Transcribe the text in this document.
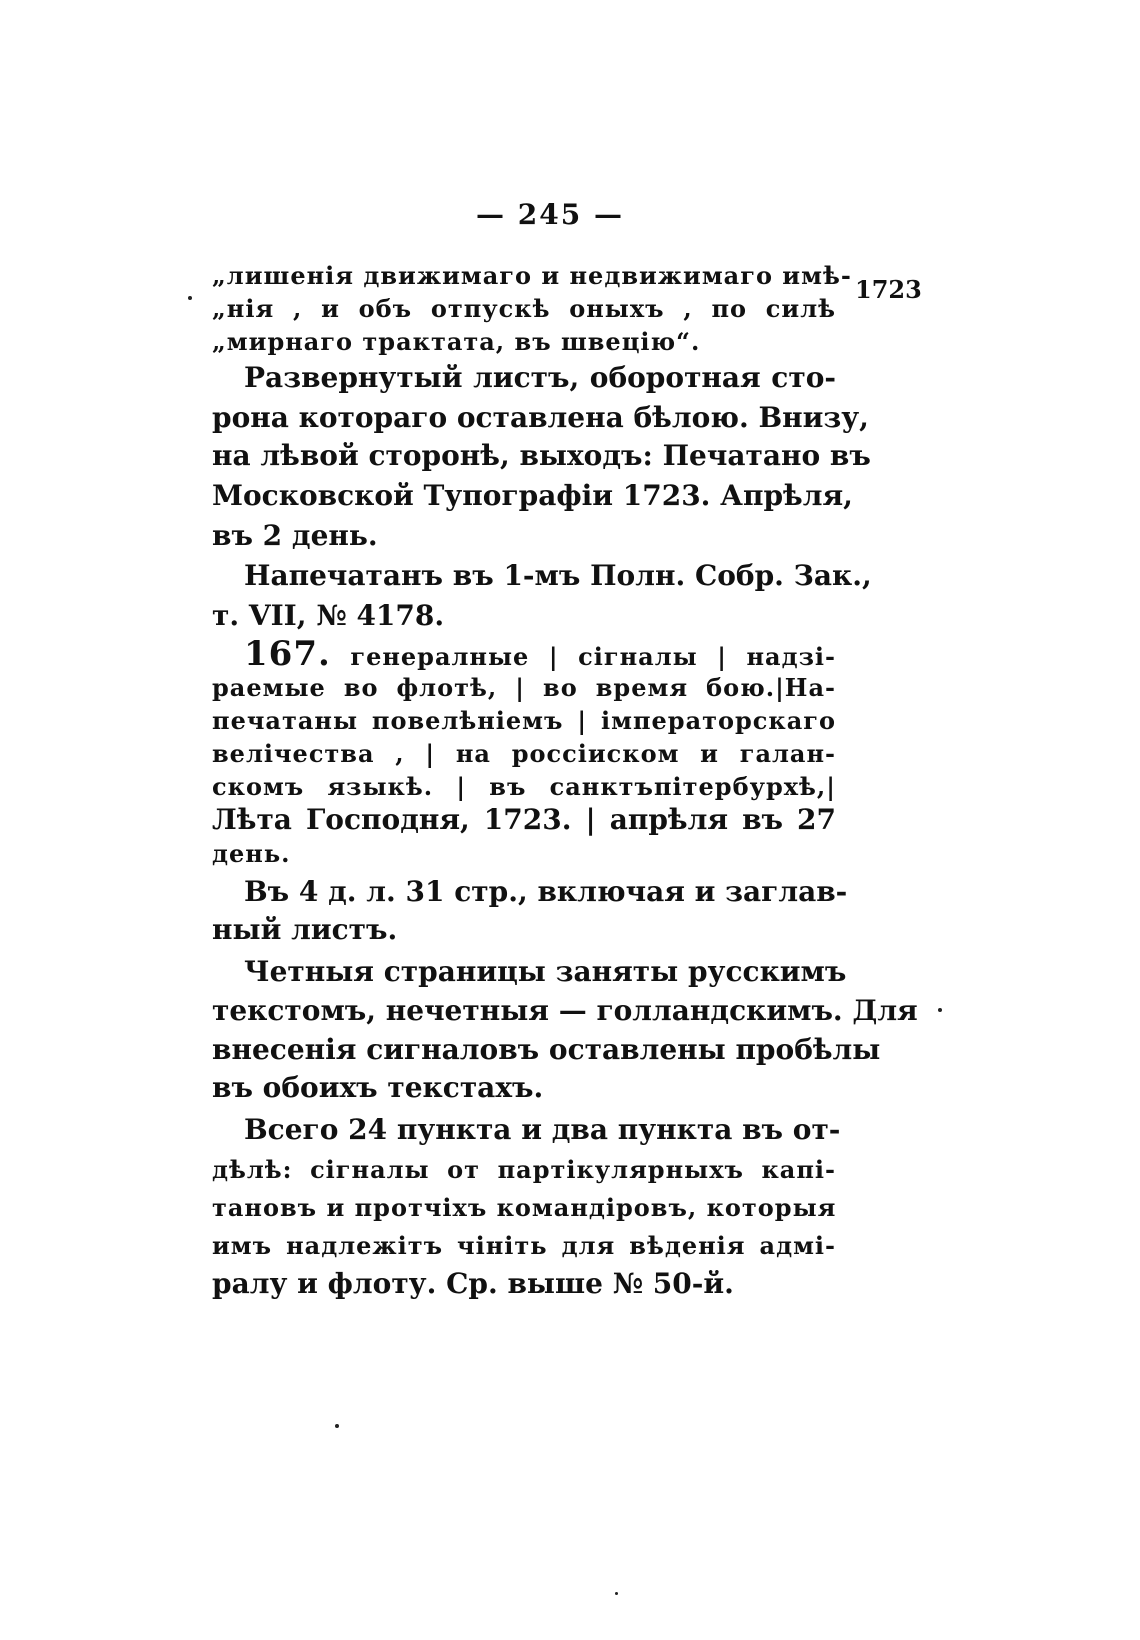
— 245 —
1723
„лишенія движимаго и недвижимаго имѣ-
„нія , и объ отпускѣ оныхъ , по силѣ
„мирнаго трактата, въ швецію“.
Развернутый листъ, оборотная сто-
рона котораго оставлена бѣлою. Внизу,
на лѣвой сторонѣ, выходъ: Печатано въ
Московской Тупографіи 1723. Апрѣля,
въ 2 день.
Напечатанъ въ 1-мъ Полн. Собр. Зак.,
т. VII, № 4178.
167. генералные | сігналы | надзі-
раемые во флотѣ, | во время бою.|На-
печатаны повелѣніемъ | імператорскаго
велічества , | на россіиском и галан-
скомъ языкѣ. | въ санктъпітербурхѣ,|
Лѣта Господня, 1723. | апрѣля въ 27
день.
Въ 4 д. л. 31 стр., включая и заглав-
ный листъ.
Четныя страницы заняты русскимъ
текстомъ, нечетныя — голландскимъ. Для
внесенія сигналовъ оставлены пробѣлы
въ обоихъ текстахъ.
Всего 24 пункта и два пункта въ от-
дѣлѣ: сігналы от партікулярныхъ капі-
тановъ и протчіхъ командіровъ, которыя
имъ надлежітъ чініть для вѣденія адмі-
ралу и флоту. Ср. выше № 50-й.
